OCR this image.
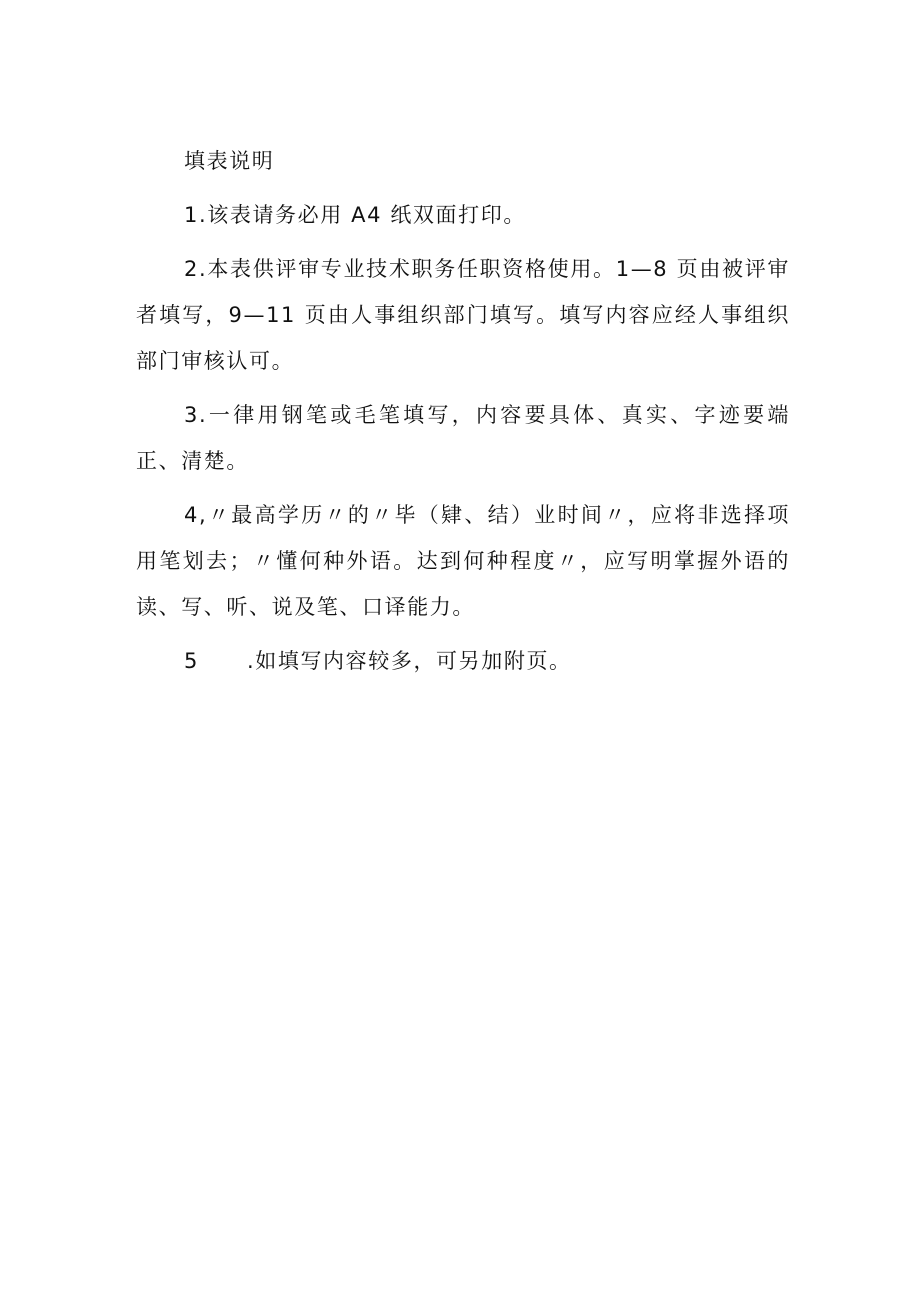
填表说明

1.该表请务必用 A4 纸双面打印。

2.本表供评审专业技术职务任职资格使用。1—8 页由被评审者填写，9—11 页由人事组织部门填写。填写内容应经人事组织部门审核认可。

3.一律用钢笔或毛笔填写，内容要具体、真实、字迹要端正、清楚。

4,〃最高学历〃的〃毕（肄、结）业时间〃，应将非选择项用笔划去；〃懂何种外语。达到何种程度〃，应写明掌握外语的读、写、听、说及笔、口译能力。

5 .如填写内容较多，可另加附页。
